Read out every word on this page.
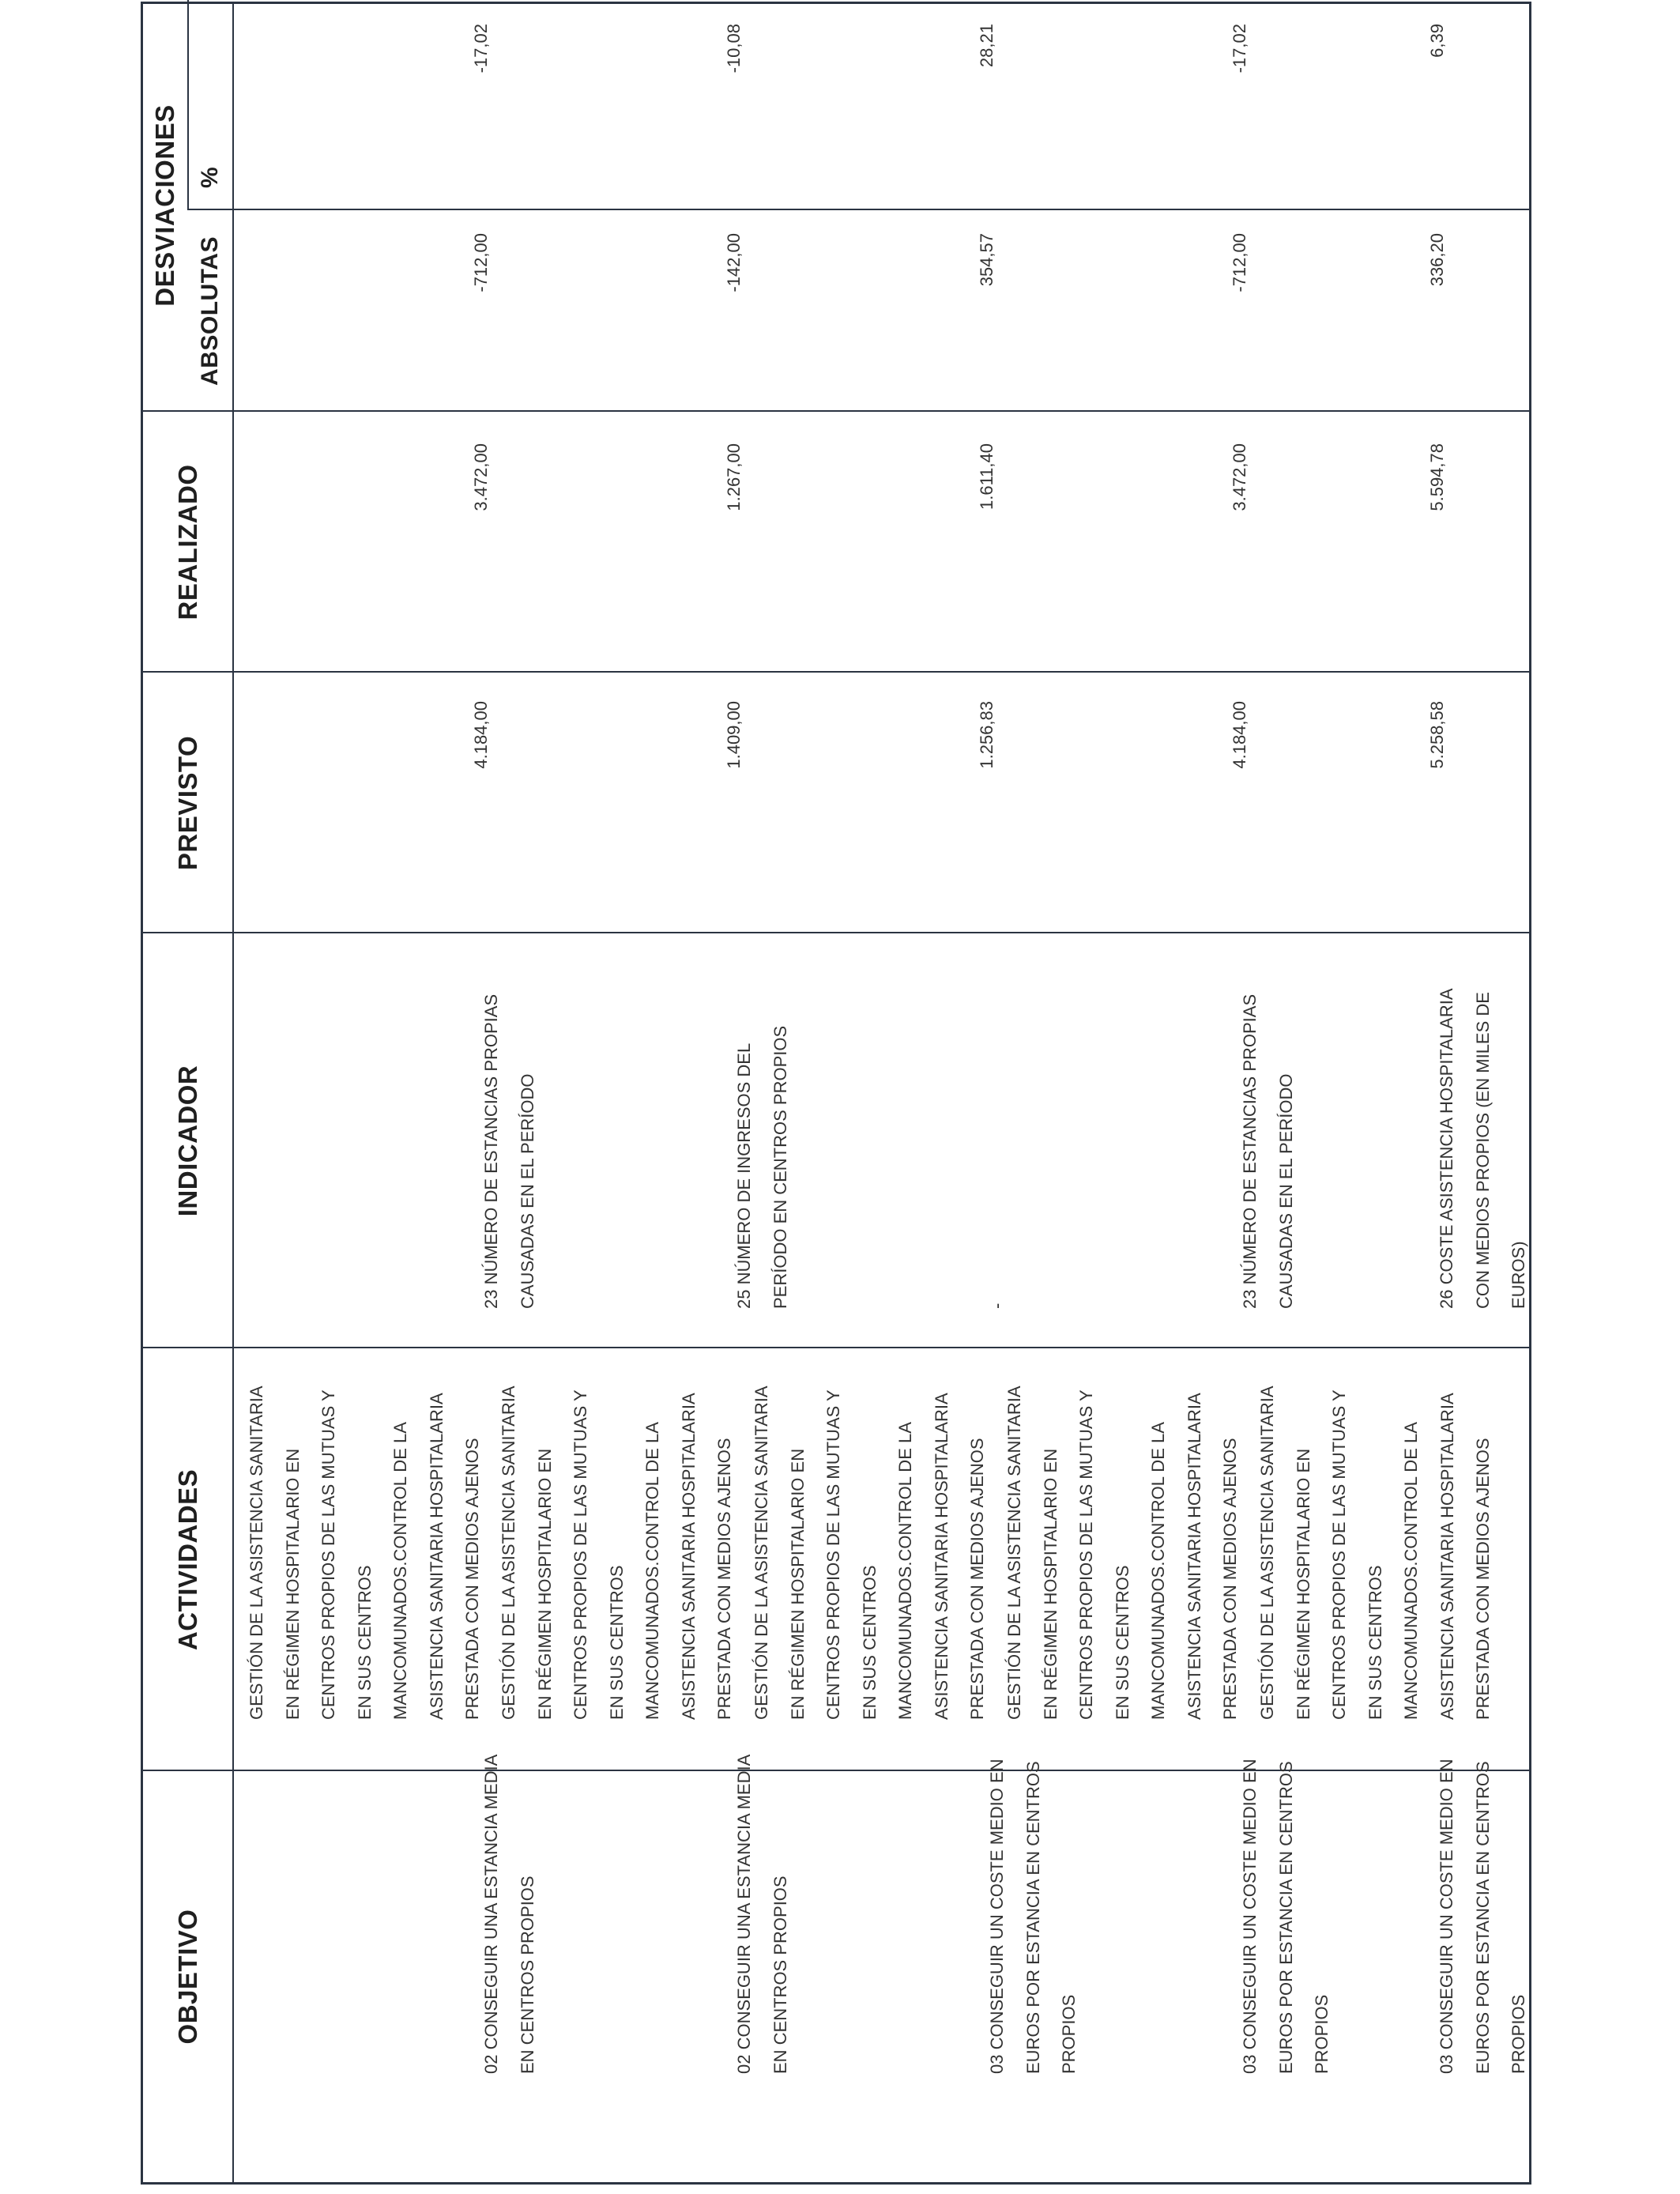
OBJETIVO
ACTIVIDADES
INDICADOR
PREVISTO
REALIZADO
DESVIACIONES
ABSOLUTAS
%
02 CONSEGUIR UNA ESTANCIA MEDIA EN CENTROS PROPIOS
GESTIÓN DE LA ASISTENCIA SANITARIA EN RÉGIMEN HOSPITALARIO EN CENTROS PROPIOS DE LAS MUTUAS Y EN SUS CENTROS MANCOMUNADOS.CONTROL DE LA ASISTENCIA SANITARIA HOSPITALARIA PRESTADA CON MEDIOS AJENOS
23 NÚMERO DE ESTANCIAS PROPIAS CAUSADAS EN EL PERÍODO
4.184,00
3.472,00
-712,00
-17,02
02 CONSEGUIR UNA ESTANCIA MEDIA EN CENTROS PROPIOS
GESTIÓN DE LA ASISTENCIA SANITARIA EN RÉGIMEN HOSPITALARIO EN CENTROS PROPIOS DE LAS MUTUAS Y EN SUS CENTROS MANCOMUNADOS.CONTROL DE LA ASISTENCIA SANITARIA HOSPITALARIA PRESTADA CON MEDIOS AJENOS
25 NÚMERO DE INGRESOS DEL PERÍODO EN CENTROS PROPIOS
1.409,00
1.267,00
-142,00
-10,08
03 CONSEGUIR UN COSTE MEDIO EN EUROS POR ESTANCIA EN CENTROS PROPIOS
GESTIÓN DE LA ASISTENCIA SANITARIA EN RÉGIMEN HOSPITALARIO EN CENTROS PROPIOS DE LAS MUTUAS Y EN SUS CENTROS MANCOMUNADOS.CONTROL DE LA ASISTENCIA SANITARIA HOSPITALARIA PRESTADA CON MEDIOS AJENOS
-
1.256,83
1.611,40
354,57
28,21
03 CONSEGUIR UN COSTE MEDIO EN EUROS POR ESTANCIA EN CENTROS PROPIOS
GESTIÓN DE LA ASISTENCIA SANITARIA EN RÉGIMEN HOSPITALARIO EN CENTROS PROPIOS DE LAS MUTUAS Y EN SUS CENTROS MANCOMUNADOS.CONTROL DE LA ASISTENCIA SANITARIA HOSPITALARIA PRESTADA CON MEDIOS AJENOS
23 NÚMERO DE ESTANCIAS PROPIAS CAUSADAS EN EL PERÍODO
4.184,00
3.472,00
-712,00
-17,02
03 CONSEGUIR UN COSTE MEDIO EN EUROS POR ESTANCIA EN CENTROS PROPIOS
GESTIÓN DE LA ASISTENCIA SANITARIA EN RÉGIMEN HOSPITALARIO EN CENTROS PROPIOS DE LAS MUTUAS Y EN SUS CENTROS MANCOMUNADOS.CONTROL DE LA ASISTENCIA SANITARIA HOSPITALARIA PRESTADA CON MEDIOS AJENOS
26 COSTE ASISTENCIA HOSPITALARIA CON MEDIOS PROPIOS (EN MILES DE EUROS)
5.258,58
5.594,78
336,20
6,39
